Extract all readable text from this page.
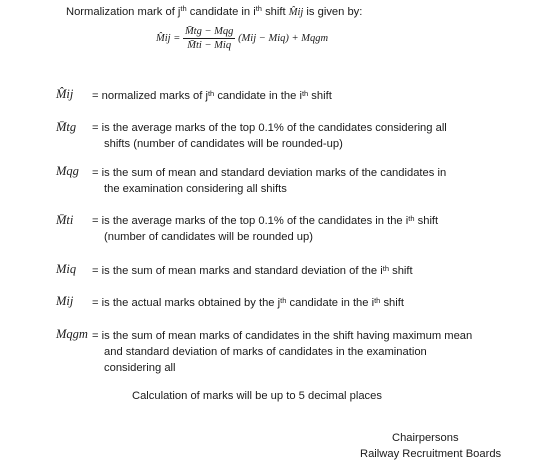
Normalization mark of $j^{th}$ candidate in $i^{th}$ shift M̂ij is given by:
M̂ij = $\frac{\text{M̄tg − Mqg}}{\text{M̄ti − Miq}} (Mij - Miq)$ + Mqgm
M̂ij = normalized marks of $j^{th}$ candidate in the $i^{th}$ shift
M̄tg = is the average marks of the top 0.1% of the candidates considering all
shifts (number of candidates will be rounded-up)
Mqg = is the sum of mean and standard deviation marks of the candidates in
the examination considering all shifts
M̄ti = is the average marks of the top 0.1% of the candidates in the $i^{th}$ shift
(number of candidates will be rounded up)
Miq = is the sum of mean marks and standard deviation of the $i^{th}$ shift
Mij = is the actual marks obtained by the $j^{th}$ candidate in the $i^{th}$ shift
Mqgm = is the sum of mean marks of candidates in the shift having maximum mean
and standard deviation of marks of candidates in the examination
considering all
Calculation of marks will be up to 5 decimal places
Chairpersons
Railway Recruitment Boards
